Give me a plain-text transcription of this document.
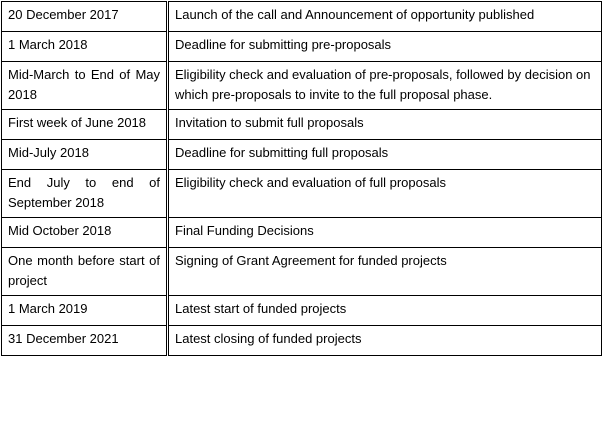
20 December 2017	Launch of the call and Announcement of opportunity published
1 March 2018	Deadline for submitting pre-proposals
Mid-March to End of May 2018	Eligibility check and evaluation of pre-proposals, followed by decision on which pre-proposals to invite to the full proposal phase.
First week of June 2018	Invitation to submit full proposals
Mid-July 2018	Deadline for submitting full proposals
End July to end of September 2018	Eligibility check and evaluation of full proposals
Mid October 2018	Final Funding Decisions
One month before start of project	Signing of Grant Agreement for funded projects
1 March 2019	Latest start of funded projects
31 December 2021	Latest closing of funded projects
